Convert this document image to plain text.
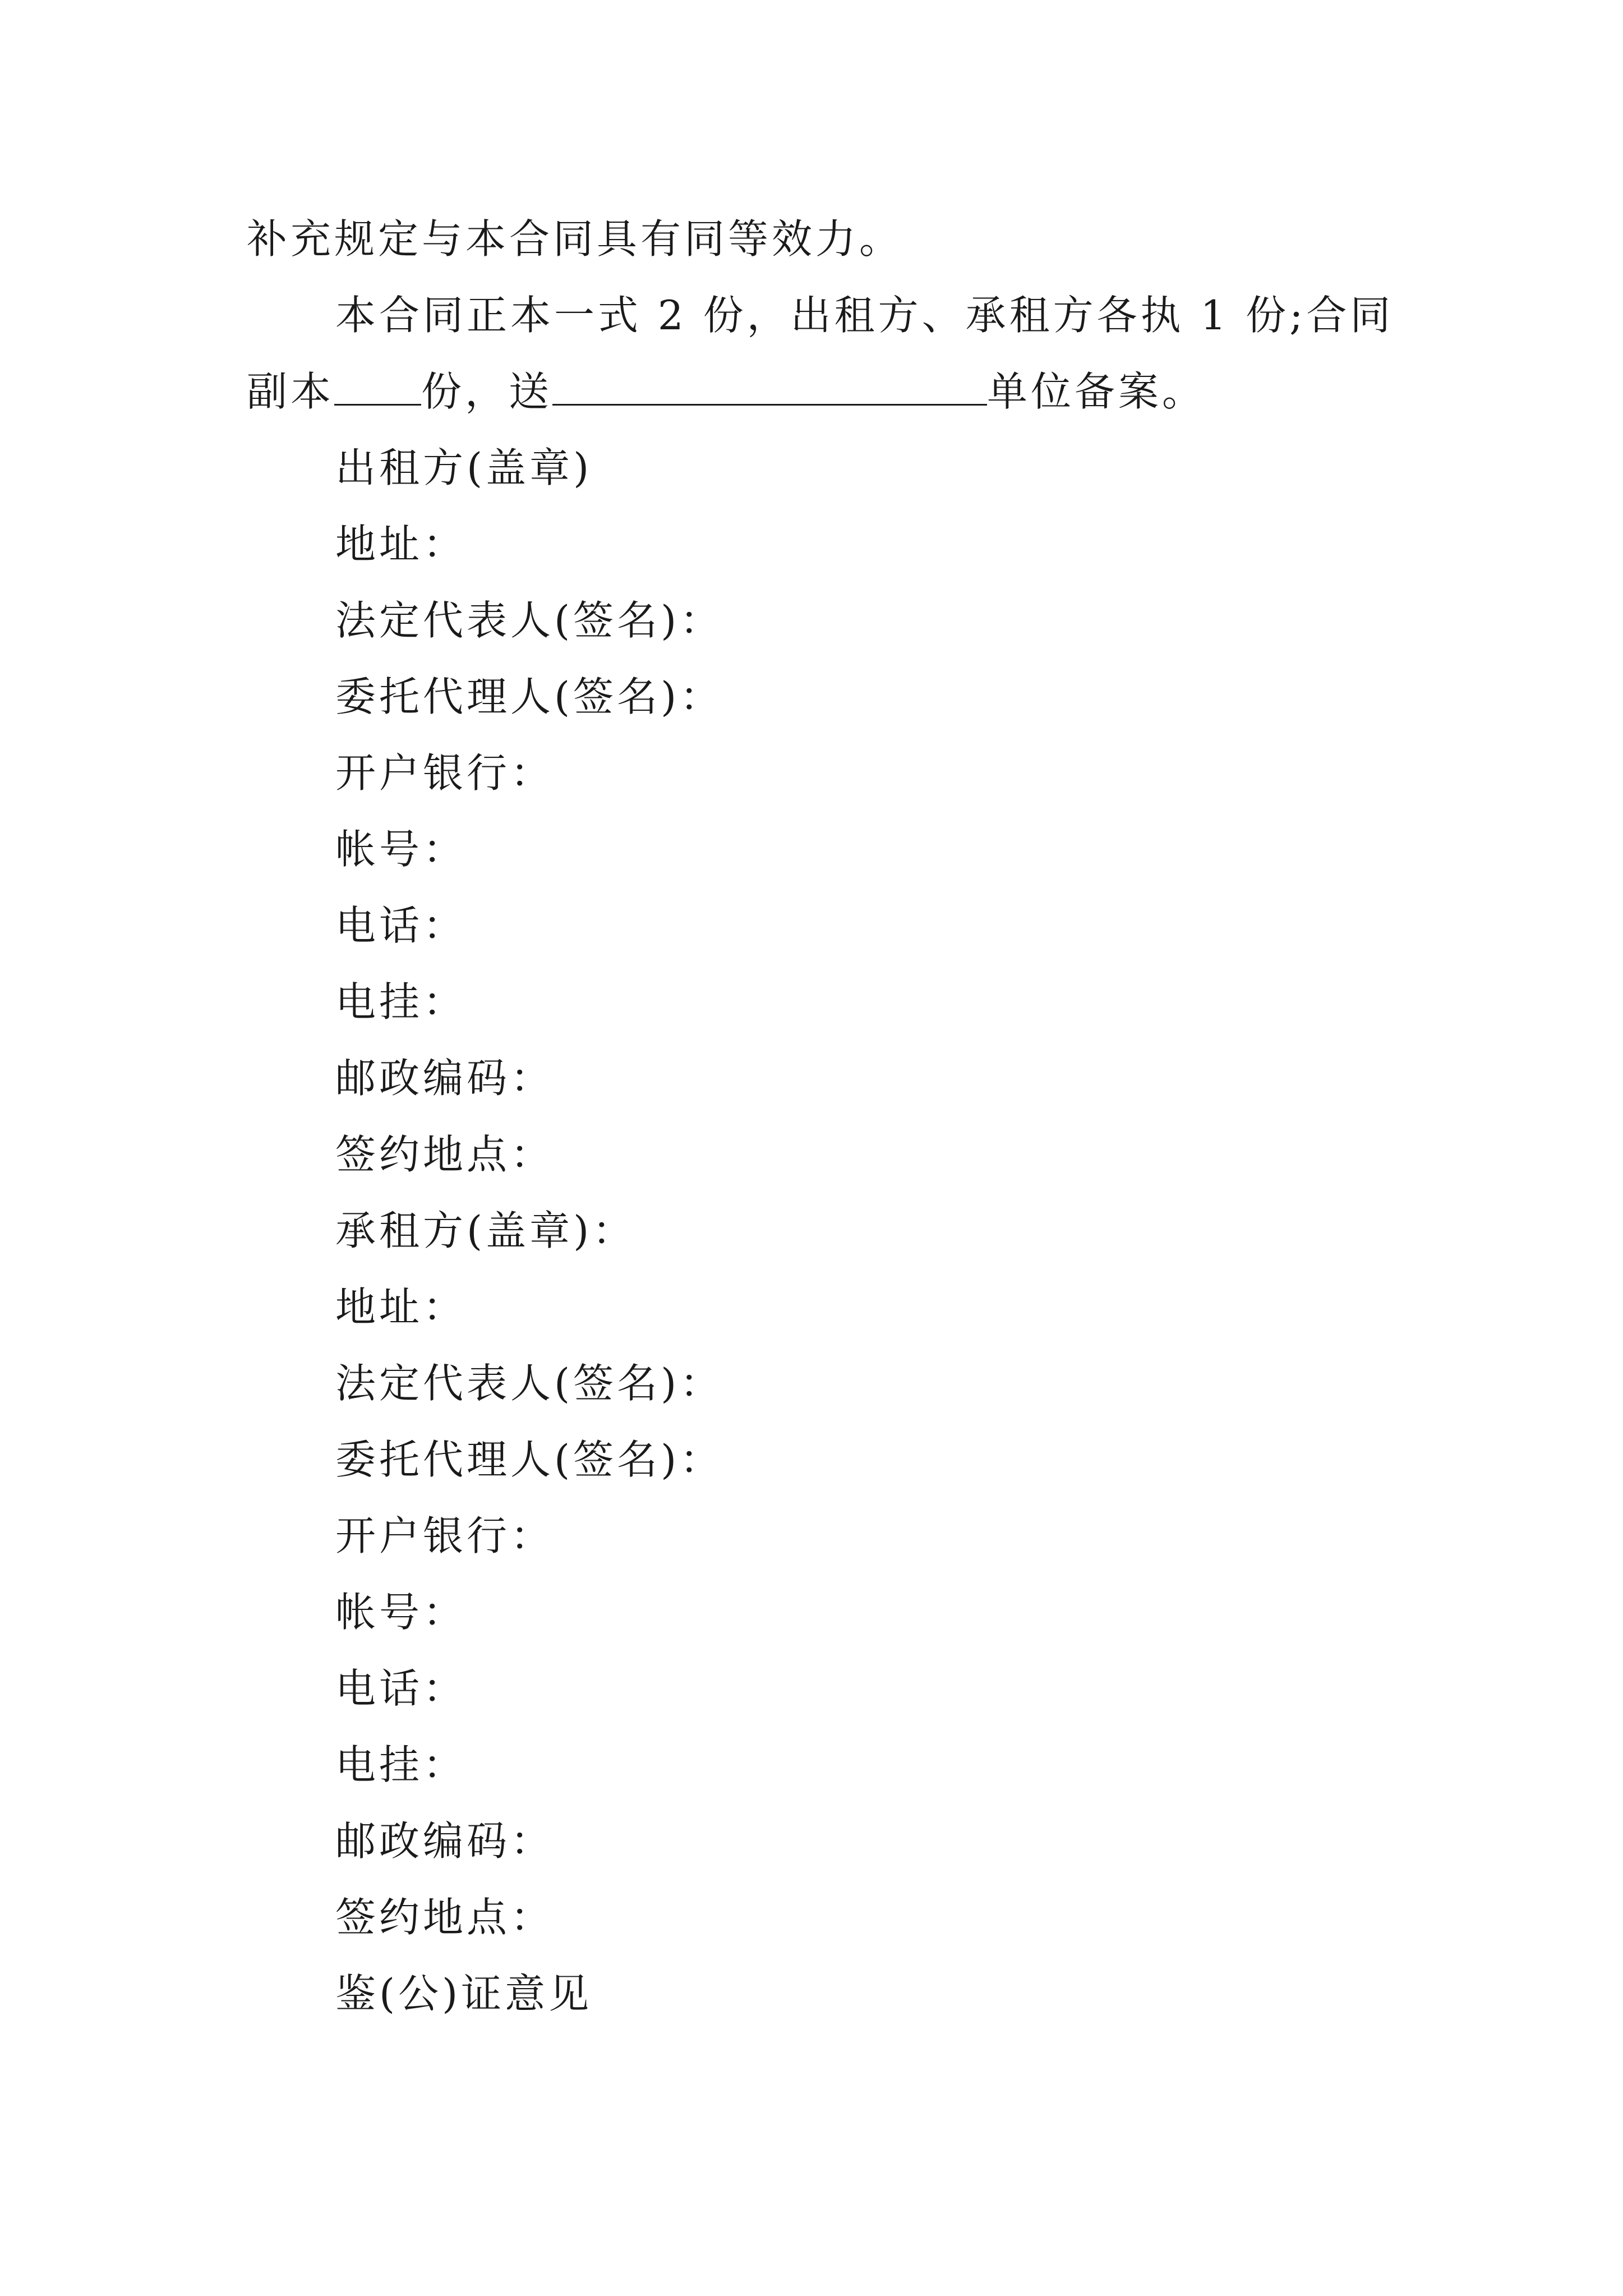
补充规定与本合同具有同等效力。
本合同正本一式 2 份，出租方、承租方各执 1 份;合同
副本 份，送	单位备案。
出租方(盖章)
地址：
法定代表人(签名)：
委托代理人(签名)：
开户银行：
帐号：
电话：
电挂：
邮政编码：
签约地点：
承租方(盖章)：
地址：
法定代表人(签名)：
委托代理人(签名)：
开户银行：
帐号：
电话：
电挂：
邮政编码：
签约地点：
鉴(公)证意见
